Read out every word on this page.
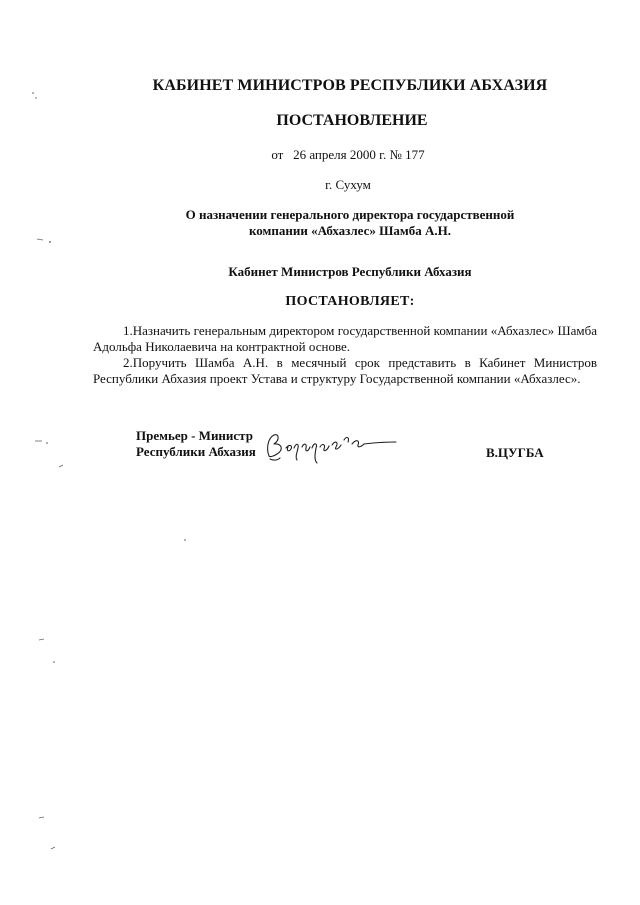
КАБИНЕТ МИНИСТРОВ РЕСПУБЛИКИ АБХАЗИЯ
ПОСТАНОВЛЕНИЕ
от   26 апреля 2000 г. № 177
г. Сухум
О назначении генерального директора государственной
компании «Абхазлес» Шамба А.Н.
Кабинет Министров Республики Абхазия
ПОСТАНОВЛЯЕТ:
1.Назначить генеральным директором государственной компании «Абхазлес» Шамба Адольфа Николаевича на контрактной основе.
2.Поручить Шамба А.Н. в месячный срок представить в Кабинет Министров Республики Абхазия проект Устава и структуру Государственной компании «Абхазлес».
Премьер - Министр
Республики Абхазия	В.ЦУГБА
